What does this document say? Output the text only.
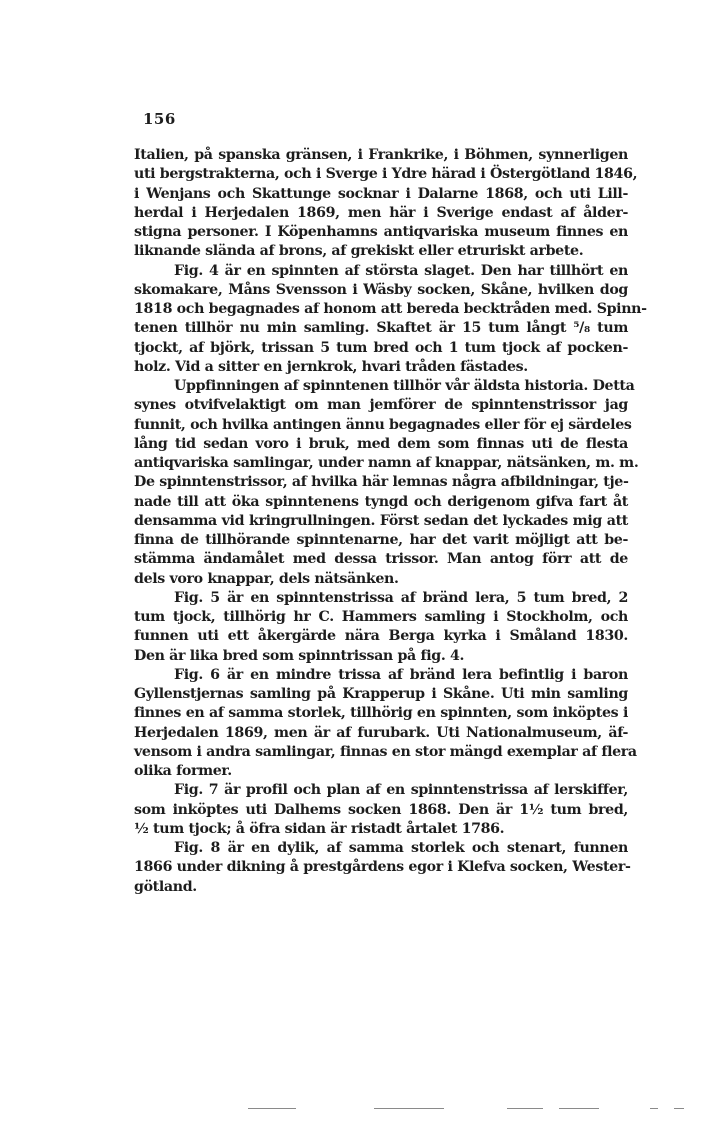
156
Italien, på spanska gränsen, i Frankrike, i Böhmen, synnerligen
uti bergstrakterna, och i Sverge i Ydre härad i Östergötland 1846,
i Wenjans och Skattunge socknar i Dalarne 1868, och uti Lill-
herdal i Herjedalen 1869, men här i Sverige endast af ålder-
stigna personer. I Köpenhamns antiqvariska museum finnes en
liknande slända af brons, af grekiskt eller etruriskt arbete.
Fig. 4 är en spinnten af största slaget. Den har tillhört en
skomakare, Måns Svensson i Wäsby socken, Skåne, hvilken dog
1818 och begagnades af honom att bereda becktråden med. Spinn-
tenen tillhör nu min samling. Skaftet är 15 tum långt ⁵/₈ tum
tjockt, af björk, trissan 5 tum bred och 1 tum tjock af pocken-
holz. Vid a sitter en jernkrok, hvari tråden fästades.
Uppfinningen af spinntenen tillhör vår äldsta historia. Detta
synes otvifvelaktigt om man jemförer de spinntenstrissor jag
funnit, och hvilka antingen ännu begagnades eller för ej särdeles
lång tid sedan voro i bruk, med dem som finnas uti de flesta
antiqvariska samlingar, under namn af knappar, nätsänken, m. m.
De spinntenstrissor, af hvilka här lemnas några afbildningar, tje-
nade till att öka spinntenens tyngd och derigenom gifva fart åt
densamma vid kringrullningen. Först sedan det lyckades mig att
finna de tillhörande spinntenarne, har det varit möjligt att be-
stämma ändamålet med dessa trissor. Man antog förr att de
dels voro knappar, dels nätsänken.
Fig. 5 är en spinntenstrissa af bränd lera, 5 tum bred, 2
tum tjock, tillhörig hr C. Hammers samling i Stockholm, och
funnen uti ett åkergärde nära Berga kyrka i Småland 1830.
Den är lika bred som spinntrissan på fig. 4.
Fig. 6 är en mindre trissa af bränd lera befintlig i baron
Gyllenstjernas samling på Krapperup i Skåne. Uti min samling
finnes en af samma storlek, tillhörig en spinnten, som inköptes i
Herjedalen 1869, men är af furubark. Uti Nationalmuseum, äf-
vensom i andra samlingar, finnas en stor mängd exemplar af flera
olika former.
Fig. 7 är profil och plan af en spinntenstrissa af lerskiffer,
som inköptes uti Dalhems socken 1868. Den är 1½ tum bred,
½ tum tjock; å öfra sidan är ristadt årtalet 1786.
Fig. 8 är en dylik, af samma storlek och stenart, funnen
1866 under dikning å prestgårdens egor i Klefva socken, Wester-
götland.
